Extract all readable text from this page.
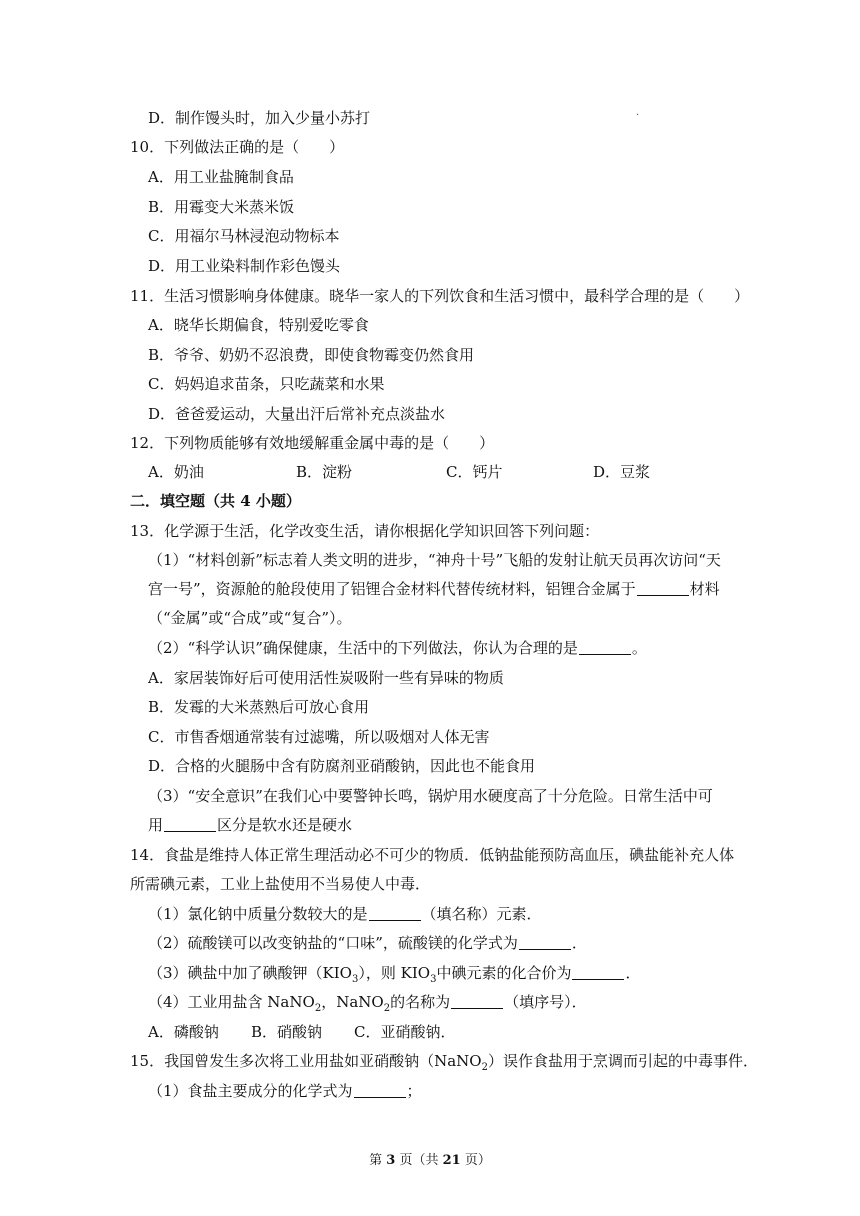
·
D．制作馒头时，加入少量小苏打
10．下列做法正确的是（ ）
A．用工业盐腌制食品
B．用霉变大米蒸米饭
C．用福尔马林浸泡动物标本
D．用工业染料制作彩色馒头
11．生活习惯影响身体健康。晓华一家人的下列饮食和生活习惯中，最科学合理的是（ ）
A．晓华长期偏食，特别爱吃零食
B．爷爷、奶奶不忍浪费，即使食物霉变仍然食用
C．妈妈追求苗条，只吃蔬菜和水果
D．爸爸爱运动，大量出汗后常补充点淡盐水
12．下列物质能够有效地缓解重金属中毒的是（ ）
A．奶油	B．淀粉	C．钙片	D．豆浆
二．填空题（共 4 小题）
13．化学源于生活，化学改变生活，请你根据化学知识回答下列问题：
（1）“材料创新”标志着人类文明的进步，“神舟十号”飞船的发射让航天员再次访问“天
宫一号”，资源舱的舱段使用了铝锂合金材料代替传统材料，铝锂合金属于	材料
（“金属”或“合成”或“复合”）。
（2）“科学认识”确保健康，生活中的下列做法，你认为合理的是	。
A．家居装饰好后可使用活性炭吸附一些有异味的物质
B．发霉的大米蒸熟后可放心食用
C．市售香烟通常装有过滤嘴，所以吸烟对人体无害
D．合格的火腿肠中含有防腐剂亚硝酸钠，因此也不能食用
（3）“安全意识”在我们心中要警钟长鸣，锅炉用水硬度高了十分危险。日常生活中可
用	区分是软水还是硬水
14．食盐是维持人体正常生理活动必不可少的物质．低钠盐能预防高血压，碘盐能补充人体
所需碘元素，工业上盐使用不当易使人中毒．
（1）氯化钠中质量分数较大的是	（填名称）元素．
（2）硫酸镁可以改变钠盐的“口味”，硫酸镁的化学式为	．
（3）碘盐中加了碘酸钾$(KIO_3)$，则 $KIO_3$中碘元素的化合价为	．
（4）工业用盐含 NaNO$_2$，NaNO$_2$的名称为	（填序号）．
A．磷酸钠 B．硝酸钠 C．亚硝酸钠．
15．我国曾发生多次将工业用盐如亚硝酸钠（NaNO$_2$）误作食盐用于烹调而引起的中毒事件．
（1）食盐主要成分的化学式为	；
第 3 页（共 21 页）
